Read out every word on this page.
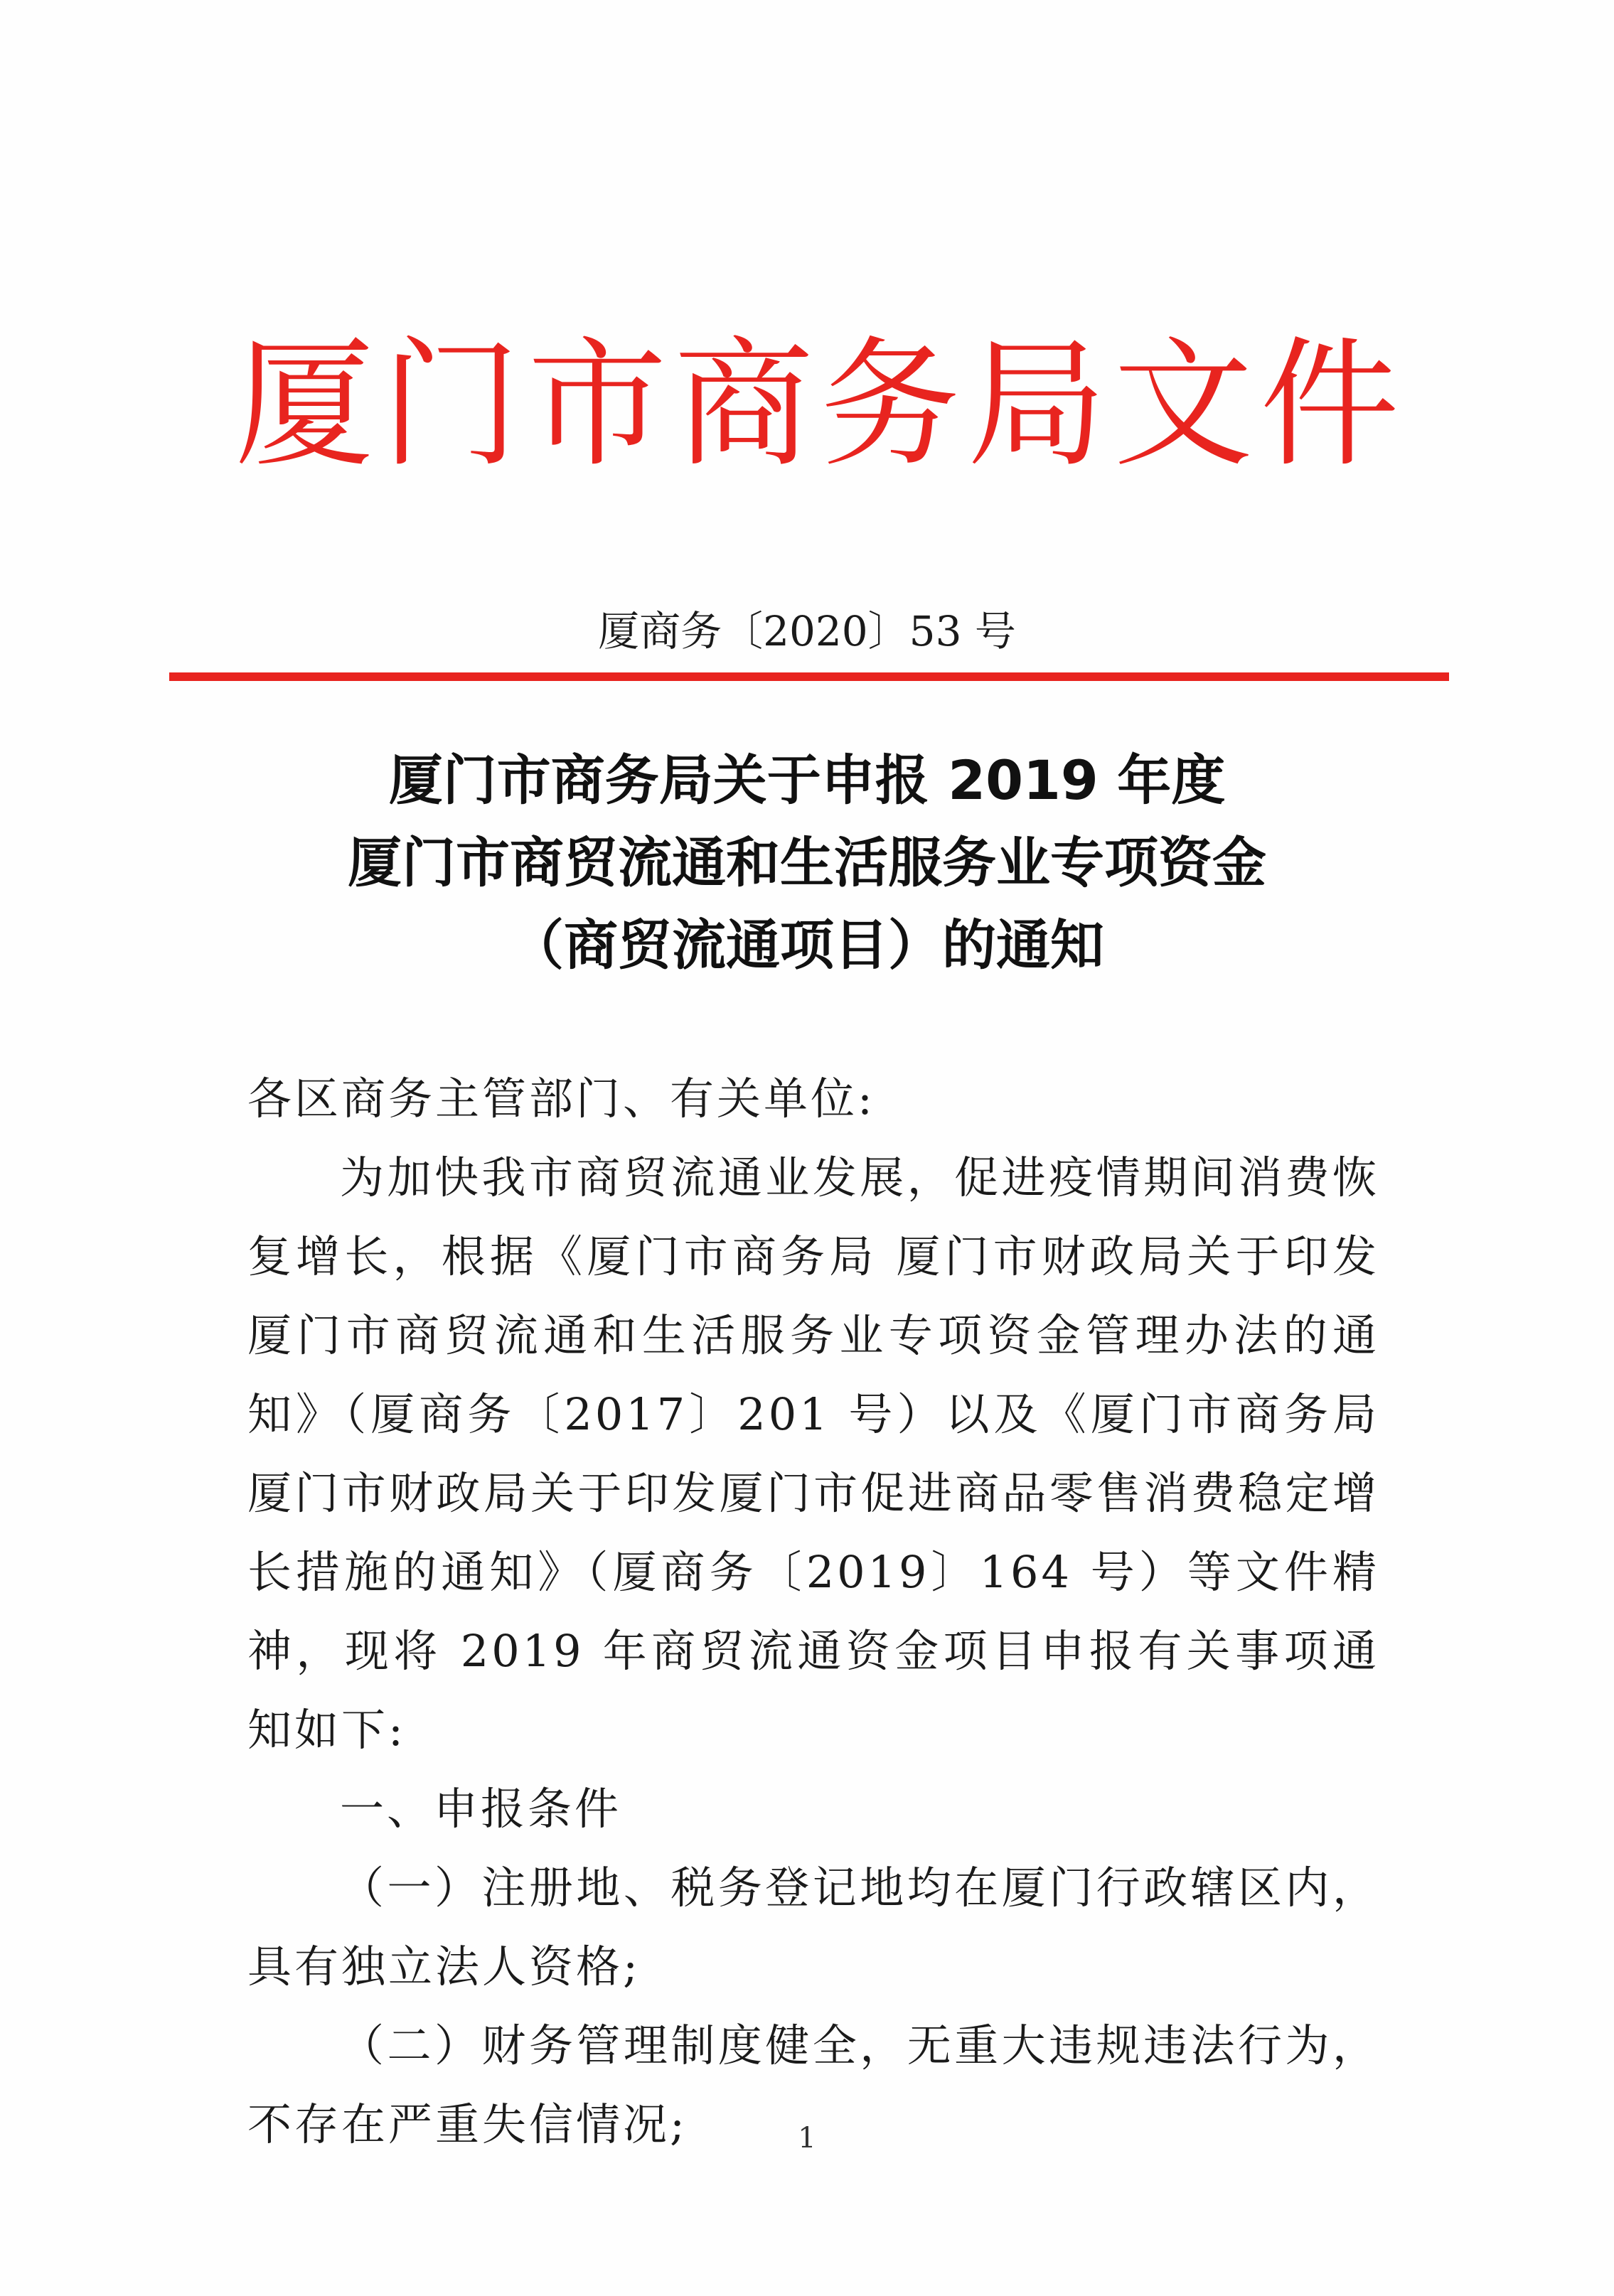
厦门市商务局文件
厦商务〔2020〕53 号
厦门市商务局关于申报 2019 年度
厦门市商贸流通和生活服务业专项资金
（商贸流通项目）的通知

各区商务主管部门、有关单位:

为加快我市商贸流通业发展，促进疫情期间消费恢复增长，根据《厦门市商务局 厦门市财政局关于印发厦门市商贸流通和生活服务业专项资金管理办法的通知》（厦商务〔2017〕201 号）以及《厦门市商务局厦门市财政局关于印发厦门市促进商品零售消费稳定增长措施的通知》（厦商务〔2019〕164 号）等文件精神，现将 2019 年商贸流通资金项目申报有关事项通知如下:

一、申报条件

（一）注册地、税务登记地均在厦门行政辖区内，具有独立法人资格;

（二）财务管理制度健全，无重大违规违法行为，不存在严重失信情况;	1
